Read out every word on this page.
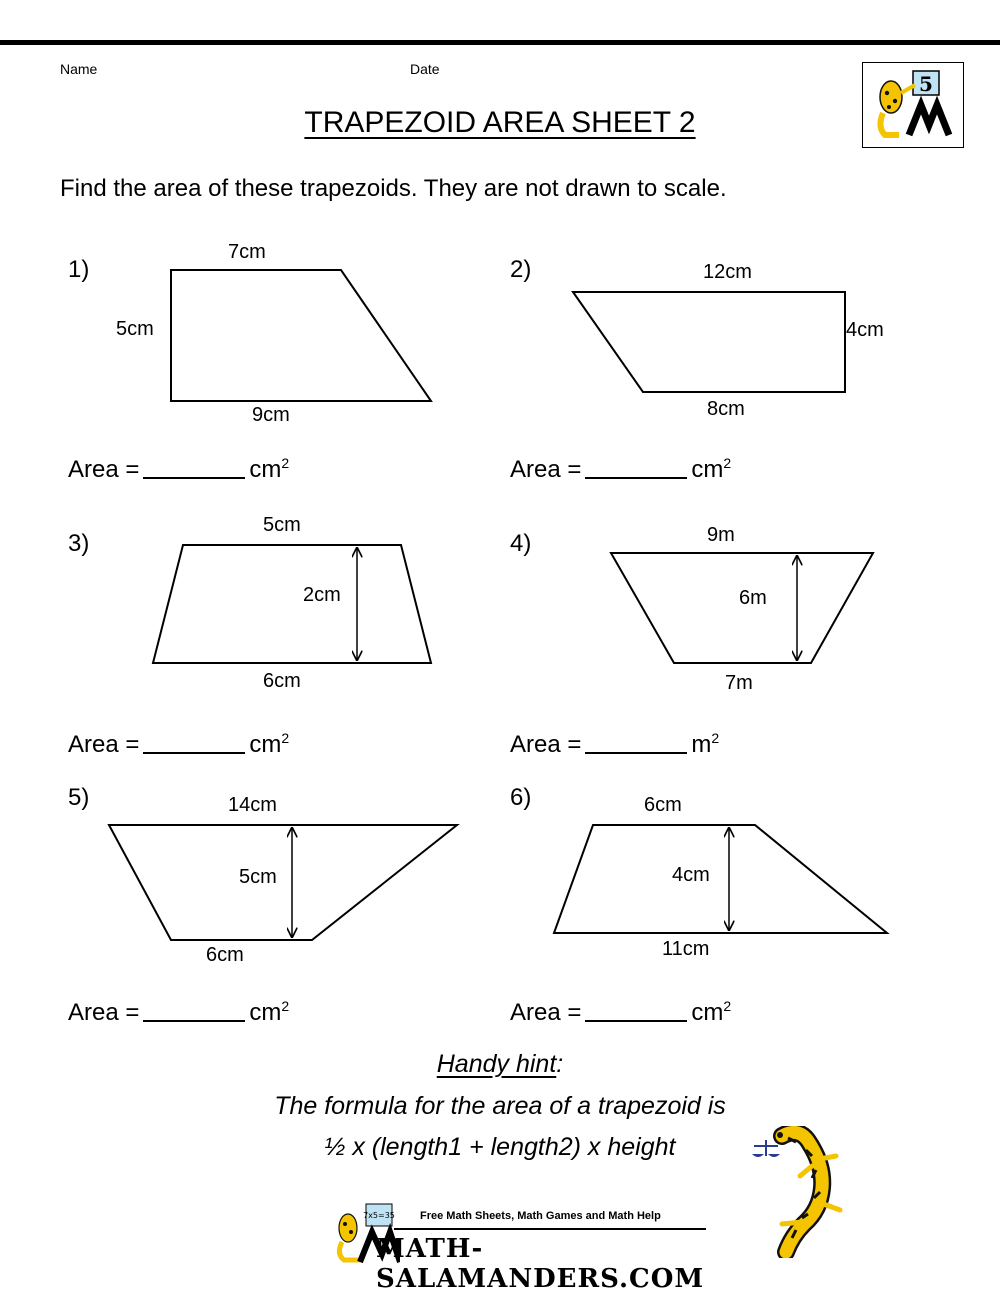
Name	Date
5
TRAPEZOID AREA SHEET 2
Find the area of these trapezoids. They are not drawn to scale.
1)
7cm
5cm
9cm
Area =	$cm^2$
2)	12cm
4cm
8cm
Area =	$cm^2$
3)
5cm
2cm
6cm
Area =	$cm^2$
4)	9m
6m
7m
Area =	$m^2$
5)	14cm
5cm
6cm
Area =	$cm^2$
6)	6cm
4cm
11cm
Area =	$cm^2$
Handy hint:
The formula for the area of a trapezoid is
½ x (length1 + length2) x height
7x5=35 Free Math Sheets, Math Games and Math Help
MATH-SALAMANDERS.COM
